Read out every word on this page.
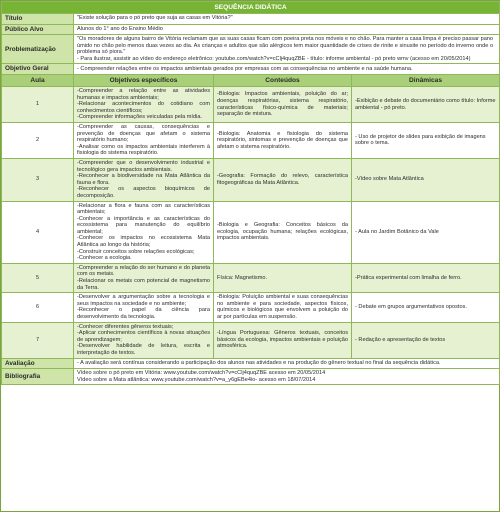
SEQUÊNCIA DIDÁTICA			
Título	"Existe solução para o pó preto que suja as casas em Vitória?"		
Público Alvo	Alunos do 1° ano do Ensino Médio		
Problematização	"Os moradores de alguns bairro de Vitória reclamam que as suas casas ficam com poeira preta nos móveis e no chão. Para manter a casa limpa é preciso passar pano úmido no chão pelo menos duas vezes ao dia. As crianças e adultos que são alérgicos tem maior quantidade de crises de rinite e sinusite no período do inverno onde o problema só piora."
- Para ilustrar, assistir ao vídeo do endereço eletrônico: youtube.com/watch?v=cClj4quqZBE - título: informe ambiental - pó preto wmv (acesso em 20/05/2014)		

Objetivo Geral	- Compreender relações entre os impactos ambientais gerados por empresas com as consequências no ambiente e na saúde humana.		
Aula	Objetivos específicos	Conteúdos	Dinâmicas
1	-Compreender a relação entre as atividades humanas e impactos ambientais;
-Relacionar acontecimentos do cotidiano com conhecimentos científicos;
-Compreender informações veiculadas pela mídia.	-Biologia: Impactos ambientais, poluição do ar; doenças respiratórias, sistema respiratório, características físico-química de materiais; separação de mistura.	-Exibição e debate do documentário como título: Informe ambiental - pó preto.
2	-Compreender as causas, consequências e prevenção de doenças que afetam o sistema respiratório humano;
-Analisar como os impactos ambientais interferem à fisiologia do sistema respiratório.	-Biologia: Anatomia e fisiologia do sistema respiratório, sintomas e prevenção de doenças que afetam o sistema respiratório.	- Uso de projetor de slides para exibição de imagens sobre o tema.
3	-Compreender que o desenvolvimento industrial e tecnológico gera impactos ambientais.
-Reconhecer a biodiversidade na Mata Atlântica da fauna e flora.
-Reconhecer os aspectos bioquímicos de decomposição.	-Geografia: Formação do relevo, característica fitogeográficas da Mata Atlântica.	-Vídeo sobre Mata Atlântica
4	-Relacionar a flora e fauna com as características ambientais;
-Conhecer a importância e as características do ecossistema para manutenção do equilíbrio ambiental;
-Conhecer os impactos no ecossistema Mata Atlântica ao longo da história;
-Construir conceitos sobre relações ecológicas;
-Conhecer a ecologia.	-Biologia e Geografia: Conceitos básicos da ecologia, ocupação humana; relações ecológicas, impactos ambientais.	- Aula no Jardim Botânico da Vale
5	-Compreender a relação do ser humano e do planeta com os metais.
-Relacionar os metais com potencial de magnetismo da Terra.	Física: Magnetismo.	-Prática experimental com limalha de ferro.
6	-Desenvolver a argumentação sobre a tecnologia e seus impactos na sociedade e no ambiente;
-Reconhecer o papel da ciência para desenvolvimento da tecnologia.	-Biologia: Poluição ambiental e suas consequências no ambiente e para sociedade, aspectos físicos, químicos e biológicos que envolvem a poluição do ar por partículas em suspensão.	- Debate em grupos argumentativos opostos.
7	-Conhecer diferentes gêneros textuais;
-Aplicar conhecimentos científicos à novas situações de aprendizagem;
-Desenvolver habilidade de leitura, escrita e interpretação de textos.	-Língua Portuguesa: Gêneros textuais, conceitos básicos da ecologia, impactos ambientais e poluição atmosférica.	- Redação e apresentação de textos
Avaliação	- A avaliação será contínua considerando a participação dos alunos nas atividades e na produção do gênero textual no final da sequência didática.		
Bibliografia	Vídeo sobre o pó preto em Vitória: www.youtube.com/watch?v=cClj4quqZBE acesso em 20/05/2014
Vídeo sobre a Mata atlântica: www.youtube.com/watch?v=a_y6gEBe4io- acesso em 18/07/2014		
